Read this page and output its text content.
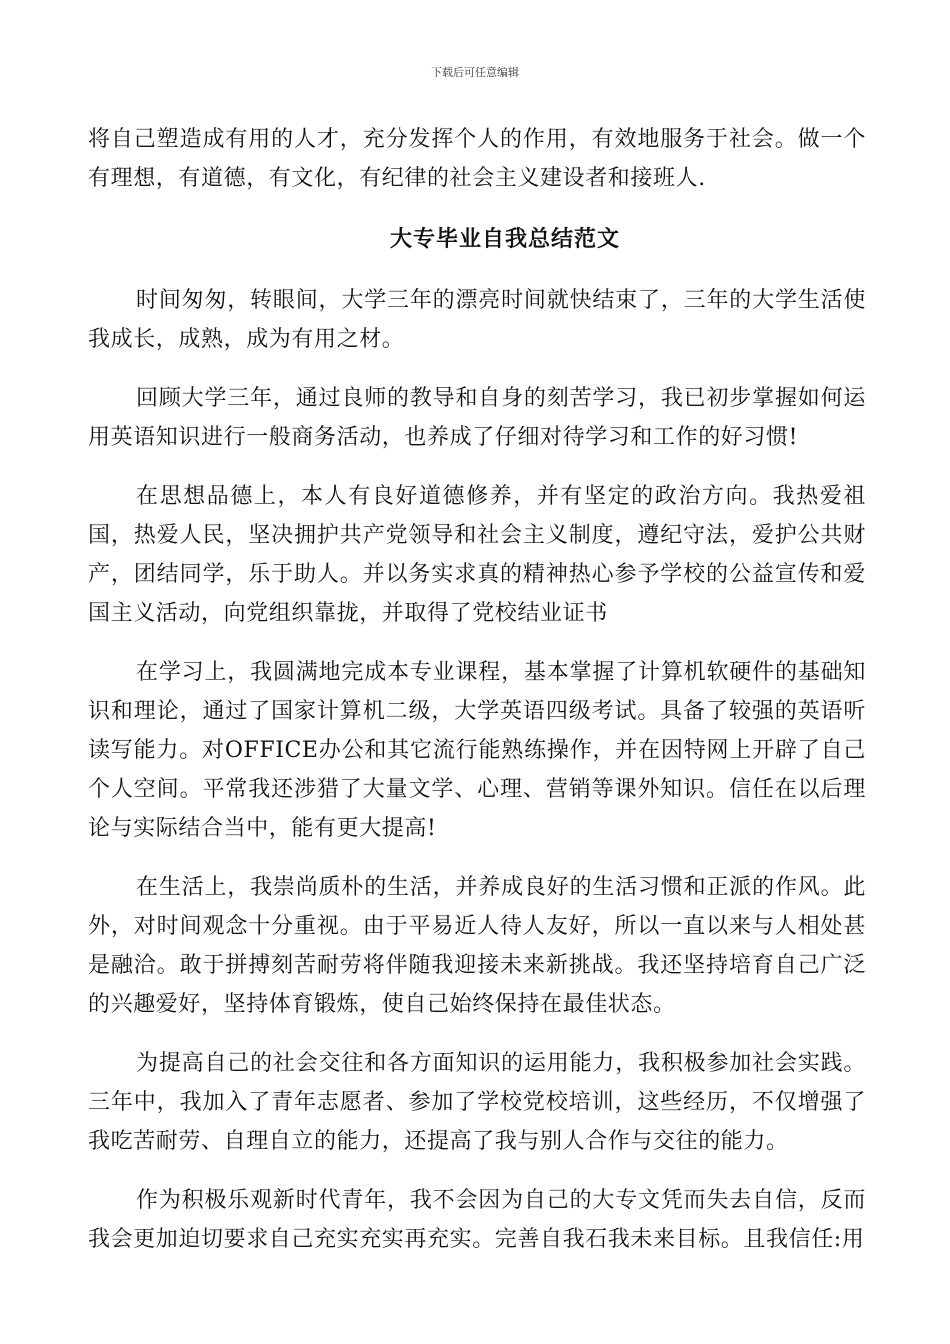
下载后可任意编辑

将自己塑造成有用的人才，充分发挥个人的作用，有效地服务于社会。做一个有理想，有道德，有文化，有纪律的社会主义建设者和接班人.

大专毕业自我总结范文

时间匆匆，转眼间，大学三年的漂亮时间就快结束了，三年的大学生活使我成长，成熟，成为有用之材。

回顾大学三年，通过良师的教导和自身的刻苦学习，我已初步掌握如何运用英语知识进行一般商务活动，也养成了仔细对待学习和工作的好习惯!

在思想品德上，本人有良好道德修养，并有坚定的政治方向。我热爱祖国，热爱人民，坚决拥护共产党领导和社会主义制度，遵纪守法，爱护公共财产，团结同学，乐于助人。并以务实求真的精神热心参予学校的公益宣传和爱国主义活动，向党组织靠拢，并取得了党校结业证书

在学习上，我圆满地完成本专业课程，基本掌握了计算机软硬件的基础知识和理论，通过了国家计算机二级，大学英语四级考试。具备了较强的英语听读写能力。对OFFICE办公和其它流行能熟练操作，并在因特网上开辟了自己个人空间。平常我还涉猎了大量文学、心理、营销等课外知识。信任在以后理论与实际结合当中，能有更大提高!

在生活上，我崇尚质朴的生活，并养成良好的生活习惯和正派的作风。此外，对时间观念十分重视。由于平易近人待人友好，所以一直以来与人相处甚是融洽。敢于拼搏刻苦耐劳将伴随我迎接未来新挑战。我还坚持培育自己广泛的兴趣爱好，坚持体育锻炼，使自己始终保持在最佳状态。

为提高自己的社会交往和各方面知识的运用能力，我积极参加社会实践。三年中，我加入了青年志愿者、参加了学校党校培训，这些经历，不仅增强了我吃苦耐劳、自理自立的能力，还提高了我与别人合作与交往的能力。

作为积极乐观新时代青年，我不会因为自己的大专文凭而失去自信，反而我会更加迫切要求自己充实充实再充实。完善自我石我未来目标。且我信任:用
